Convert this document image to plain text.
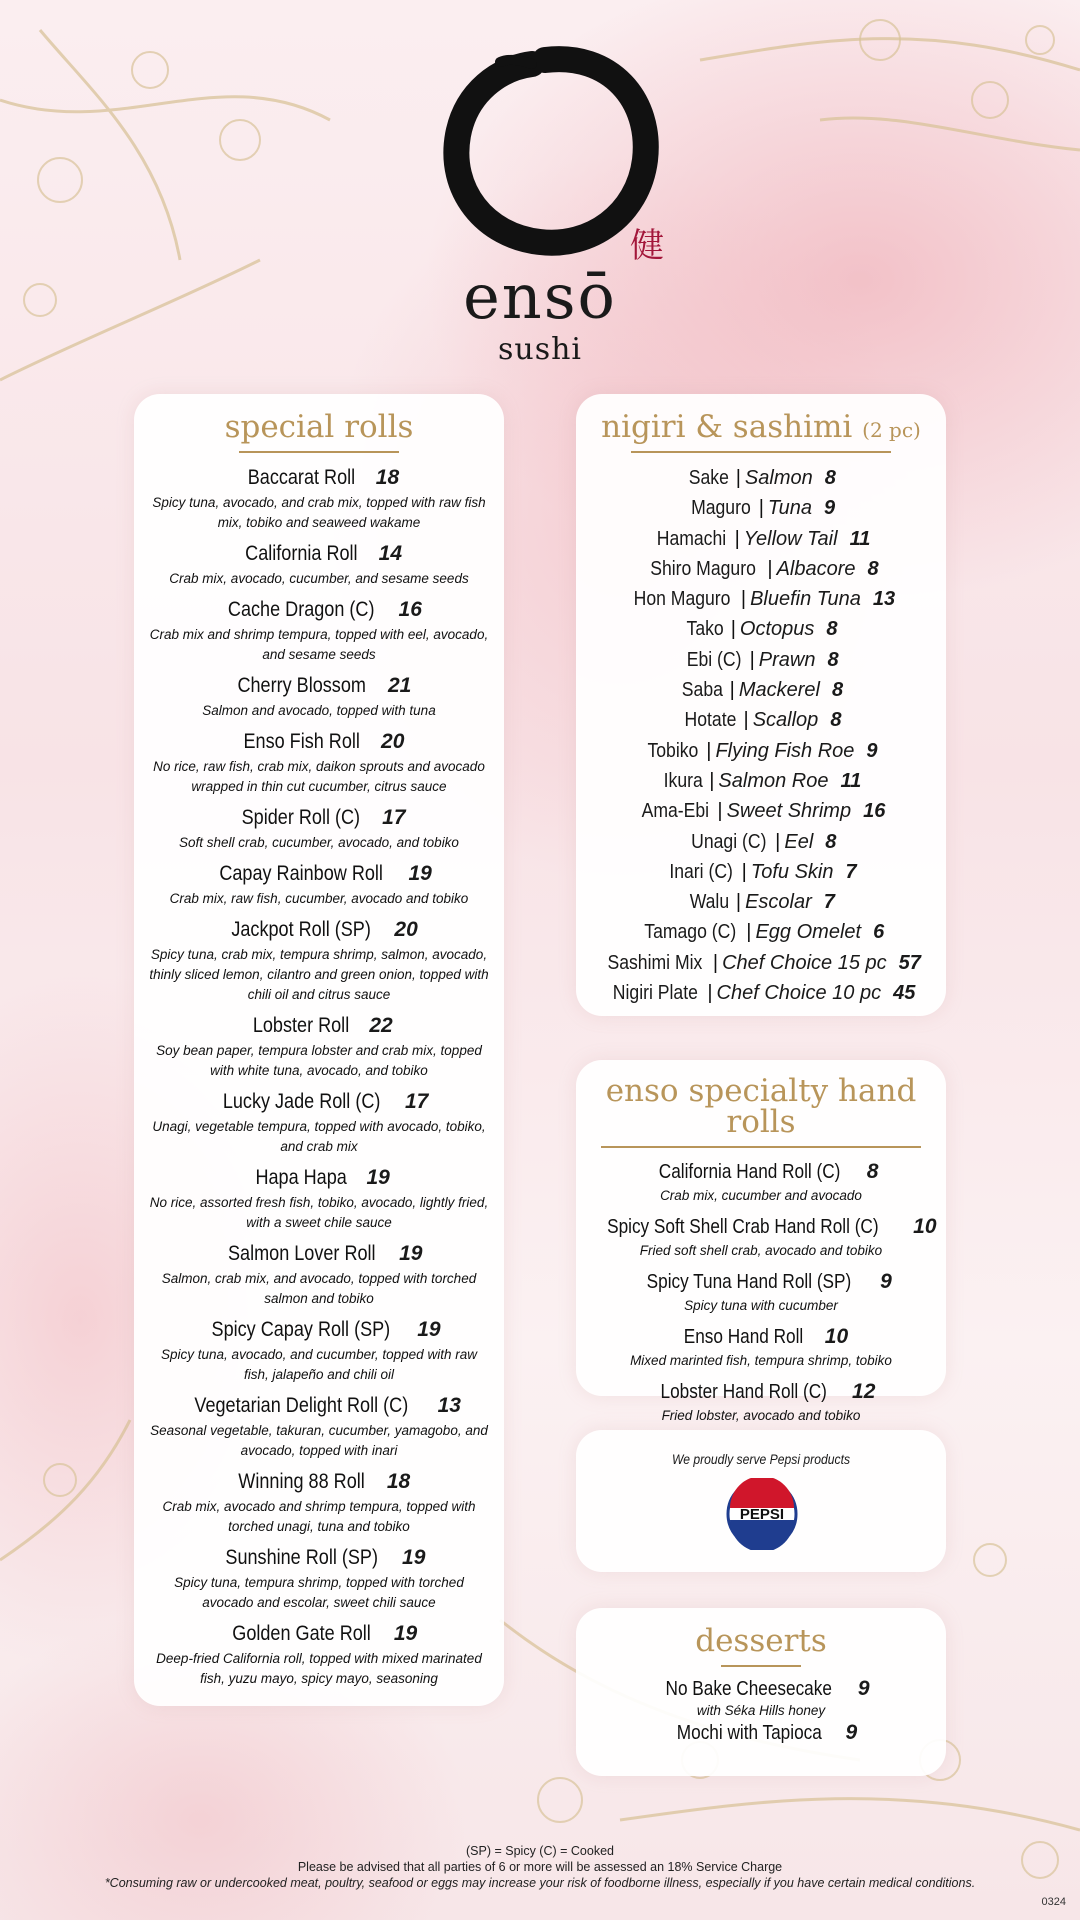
健
ensō
sushi
special rolls
Baccarat Roll 18
Spicy tuna, avocado, and crab mix, topped with raw fish mix, tobiko and seaweed wakame
California Roll 14
Crab mix, avocado, cucumber, and sesame seeds
Cache Dragon (C) 16
Crab mix and shrimp tempura, topped with eel, avocado, and sesame seeds
Cherry Blossom 21
Salmon and avocado, topped with tuna
Enso Fish Roll 20
No rice, raw fish, crab mix, daikon sprouts and avocado wrapped in thin cut cucumber, citrus sauce
Spider Roll (C) 17
Soft shell crab, cucumber, avocado, and tobiko
Capay Rainbow Roll 19
Crab mix, raw fish, cucumber, avocado and tobiko
Jackpot Roll (SP) 20
Spicy tuna, crab mix, tempura shrimp, salmon, avocado, thinly sliced lemon, cilantro and green onion, topped with chili oil and citrus sauce
Lobster Roll 22
Soy bean paper, tempura lobster and crab mix, topped with white tuna, avocado, and tobiko
Lucky Jade Roll (C) 17
Unagi, vegetable tempura, topped with avocado, tobiko, and crab mix
Hapa Hapa 19
No rice, assorted fresh fish, tobiko, avocado, lightly fried, with a sweet chile sauce
Salmon Lover Roll 19
Salmon, crab mix, and avocado, topped with torched salmon and tobiko
Spicy Capay Roll (SP) 19
Spicy tuna, avocado, and cucumber, topped with raw fish, jalapeño and chili oil
Vegetarian Delight Roll (C) 13
Seasonal vegetable, takuran, cucumber, yamagobo, and avocado, topped with inari
Winning 88 Roll 18
Crab mix, avocado and shrimp tempura, topped with torched unagi, tuna and tobiko
Sunshine Roll (SP) 19
Spicy tuna, tempura shrimp, topped with torched avocado and escolar, sweet chili sauce
Golden Gate Roll 19
Deep-fried California roll, topped with mixed marinated fish, yuzu mayo, spicy mayo, seasoning
nigiri & sashimi (2 pc)
Sake | Salmon 8
Maguro | Tuna 9
Hamachi | Yellow Tail 11
Shiro Maguro | Albacore 8
Hon Maguro | Bluefin Tuna 13
Tako | Octopus 8
Ebi (C) | Prawn 8
Saba | Mackerel 8
Hotate | Scallop 8
Tobiko | Flying Fish Roe 9
Ikura | Salmon Roe 11
Ama-Ebi | Sweet Shrimp 16
Unagi (C) | Eel 8
Inari (C) | Tofu Skin 7
Walu | Escolar 7
Tamago (C) | Egg Omelet 6
Sashimi Mix | Chef Choice 15 pc 57
Nigiri Plate | Chef Choice 10 pc 45
enso specialty hand rolls
California Hand Roll (C) 8
Crab mix, cucumber and avocado
Spicy Soft Shell Crab Hand Roll (C) 10
Fried soft shell crab, avocado and tobiko
Spicy Tuna Hand Roll (SP) 9
Spicy tuna with cucumber
Enso Hand Roll 10
Mixed marinted fish, tempura shrimp, tobiko
Lobster Hand Roll (C) 12
Fried lobster, avocado and tobiko
We proudly serve Pepsi products
PEPSI
desserts
No Bake Cheesecake 9
with Séka Hills honey
Mochi with Tapioca 9
(SP) = Spicy (C) = Cooked
Please be advised that all parties of 6 or more will be assessed an 18% Service Charge
*Consuming raw or undercooked meat, poultry, seafood or eggs may increase your risk of foodborne illness, especially if you have certain medical conditions.
0324
